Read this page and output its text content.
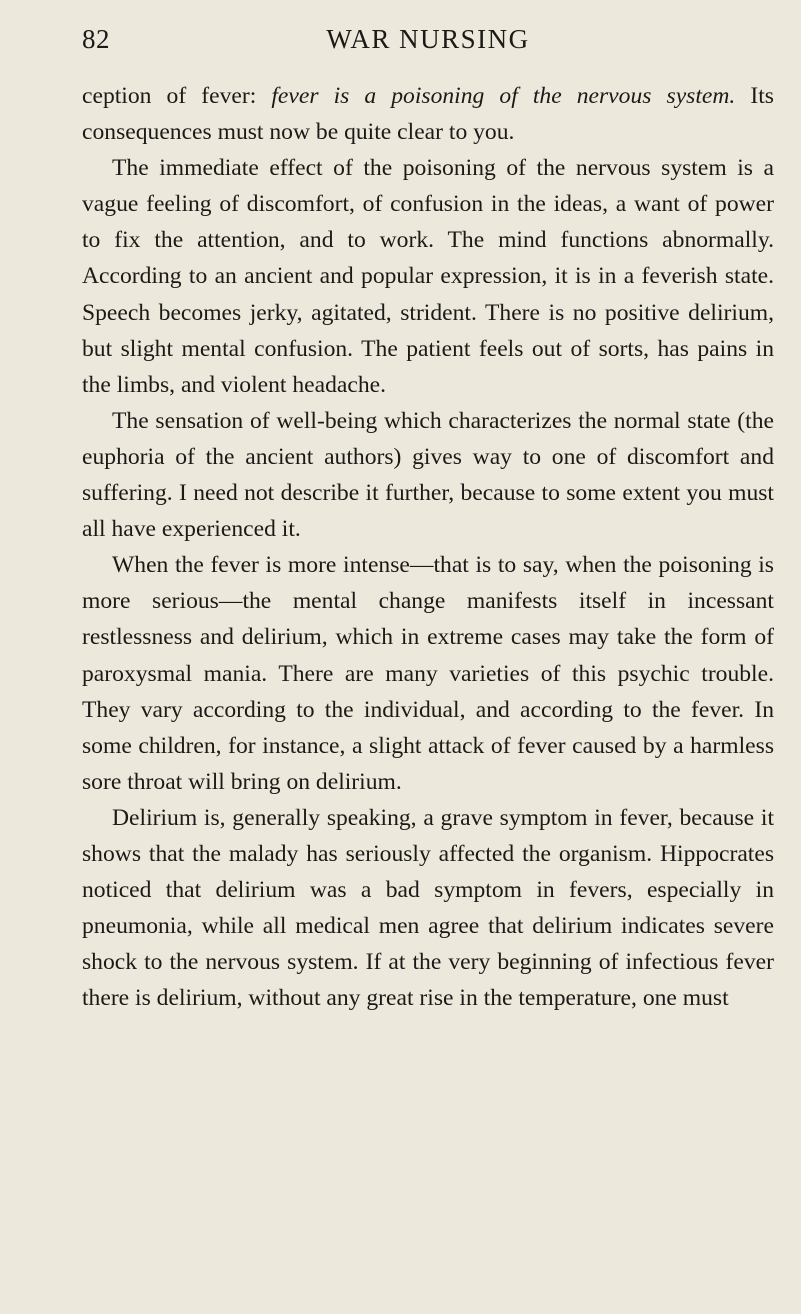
82	WAR NURSING

ception of fever: fever is a poisoning of the nervous system. Its consequences must now be quite clear to you.

The immediate effect of the poisoning of the nervous system is a vague feeling of discomfort, of confusion in the ideas, a want of power to fix the attention, and to work. The mind functions abnormally. According to an ancient and popular expression, it is in a feverish state. Speech becomes jerky, agitated, strident. There is no positive delirium, but slight mental confusion. The patient feels out of sorts, has pains in the limbs, and violent headache.

The sensation of well-being which characterizes the normal state (the euphoria of the ancient authors) gives way to one of discomfort and suffering. I need not describe it further, because to some extent you must all have experienced it.

When the fever is more intense—that is to say, when the poisoning is more serious—the mental change manifests itself in incessant restlessness and delirium, which in extreme cases may take the form of paroxysmal mania. There are many varieties of this psychic trouble. They vary according to the individual, and according to the fever. In some children, for instance, a slight attack of fever caused by a harmless sore throat will bring on delirium.

Delirium is, generally speaking, a grave symptom in fever, because it shows that the malady has seriously affected the organism. Hippocrates noticed that delirium was a bad symptom in fevers, especially in pneumonia, while all medical men agree that delirium indicates severe shock to the nervous system. If at the very beginning of infectious fever there is delirium, without any great rise in the temperature, one must
